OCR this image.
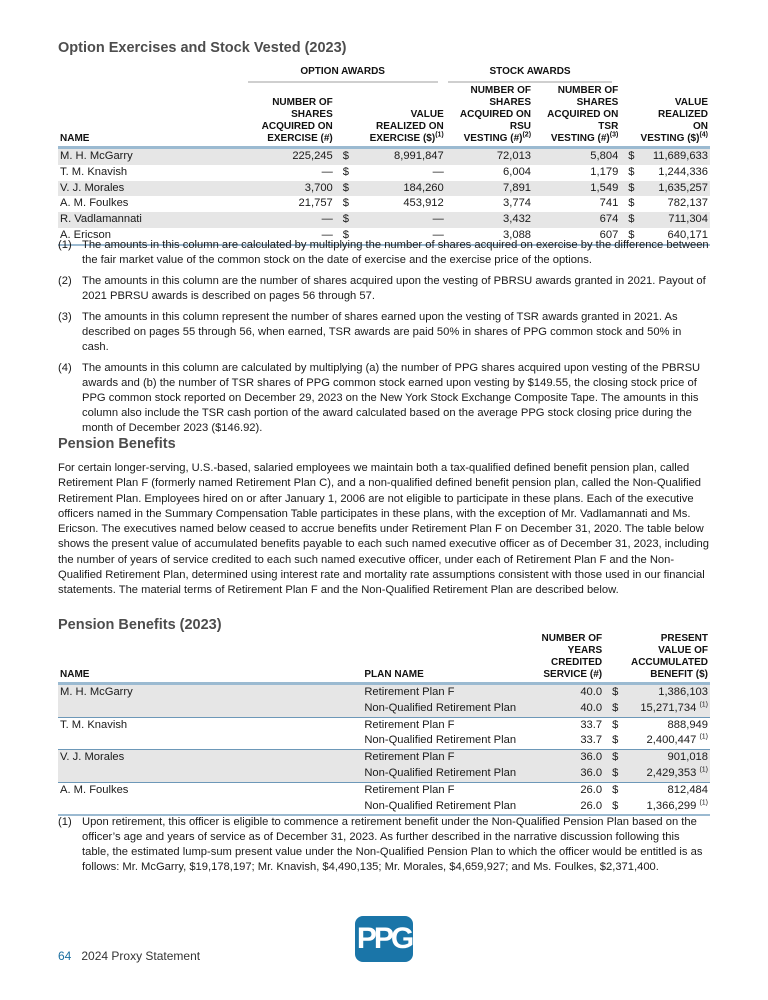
Option Exercises and Stock Vested (2023)

	OPTION AWARDS			STOCK AWARDS			

NAME	
NUMBER OF
SHARES
ACQUIRED ON
EXERCISE (#)

VALUE
REALIZED ON
EXERCISE ($)$^{(1)}$

NUMBER OF
SHARES
ACQUIRED ON
RSU
VESTING (#)$^{(2)}$

NUMBER OF
SHARES
ACQUIRED ON
TSR
VESTING (#)$^{(3)}$

VALUE
REALIZED
ON
VESTING ($)$^{(4)}$

M. H. McGarry	225,245	$	8,991,847	72,013	5,804	$	11,689,633
T. M. Knavish	—	$	—	6,004	1,179	$	1,244,336
V. J. Morales	3,700	$	184,260	7,891	1,549	$	1,635,257
A. M. Foulkes	21,757	$	453,912	3,774	741	$	782,137
R. Vadlamannati	—	$	—	3,432	674	$	711,304
A. Ericson	—	$	—	3,088	607	$	640,171
(1) The amounts in this column are calculated by multiplying the number of shares acquired on exercise by the difference between the fair market value of the common stock on the date of exercise and the exercise price of the options.
(2) The amounts in this column are the number of shares acquired upon the vesting of PBRSU awards granted in 2021. Payout of 2021 PBRSU awards is described on pages 56 through 57.
(3) The amounts in this column represent the number of shares earned upon the vesting of TSR awards granted in 2021. As described on pages 55 through 56, when earned, TSR awards are paid 50% in shares of PPG common stock and 50% in cash.
(4) The amounts in this column are calculated by multiplying (a) the number of PPG shares acquired upon vesting of the PBRSU awards and (b) the number of TSR shares of PPG common stock earned upon vesting by $149.55, the closing stock price of PPG common stock reported on December 29, 2023 on the New York Stock Exchange Composite Tape. The amounts in this column also include the TSR cash portion of the award calculated based on the average PPG stock closing price during the month of December 2023 ($146.92).
Pension Benefits

For certain longer-serving, U.S.-based, salaried employees we maintain both a tax-qualified defined benefit pension plan, called Retirement Plan F (formerly named Retirement Plan C), and a non-qualified defined benefit pension plan, called the Non-Qualified Retirement Plan. Employees hired on or after January 1, 2006 are not eligible to participate in these plans. Each of the executive officers named in the Summary Compensation Table participates in these plans, with the exception of Mr. Vadlamannati and Ms. Ericson. The executives named below ceased to accrue benefits under Retirement Plan F on December 31, 2020. The table below shows the present value of accumulated benefits payable to each such named executive officer as of December 31, 2023, including the number of years of service credited to each such named executive officer, under each of Retirement Plan F and the Non-Qualified Retirement Plan, determined using interest rate and mortality rate assumptions consistent with those used in our financial statements. The material terms of Retirement Plan F and the Non-Qualified Retirement Plan are described below.

Pension Benefits (2023)
NAME	PLAN NAME	
NUMBER OF
YEARS
CREDITED
SERVICE (#)

PRESENT
VALUE OF
ACCUMULATED
BENEFIT ($)

M. H. McGarry	Retirement Plan F	40.0	$	1,386,103
	Non-Qualified Retirement Plan	40.0	$	15,271,734 $^{(1)}$
T. M. Knavish	Retirement Plan F	33.7	$	888,949
	Non-Qualified Retirement Plan	33.7	$	2,400,447 $^{(1)}$
V. J. Morales	Retirement Plan F	36.0	$	901,018
	Non-Qualified Retirement Plan	36.0	$	2,429,353 $^{(1)}$
A. M. Foulkes	Retirement Plan F	26.0	$	812,484
	Non-Qualified Retirement Plan	26.0	$	1,366,299 $^{(1)}$
(1) Upon retirement, this officer is eligible to commence a retirement benefit under the Non-Qualified Pension Plan based on the officer’s age and years of service as of December 31, 2023. As further described in the narrative discussion following this table, the estimated lump-sum present value under the Non-Qualified Pension Plan to which the officer would be entitled is as follows: Mr. McGarry, $19,178,197; Mr. Knavish, $4,490,135; Mr. Morales, $4,659,927; and Ms. Foulkes, $2,371,400.
64 2024 Proxy Statement
PPG
